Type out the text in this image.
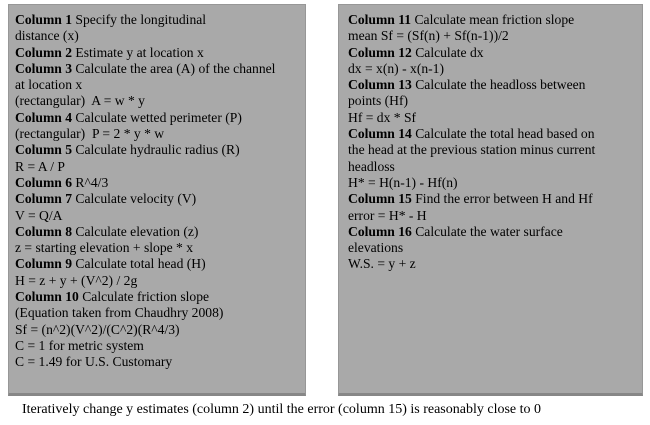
Column 1 Specify the longitudinal
distance (x)
Column 2 Estimate y at location x
Column 3 Calculate the area (A) of the channel
at location x
(rectangular)  A = w * y
Column 4 Calculate wetted perimeter (P)
(rectangular)  P = 2 * y * w
Column 5 Calculate hydraulic radius (R)
R = A / P
Column 6 R^4/3
Column 7 Calculate velocity (V)
V = Q/A
Column 8 Calculate elevation (z)
z = starting elevation + slope * x
Column 9 Calculate total head (H)
H = z + y + (V^2) / 2g
Column 10 Calculate friction slope
(Equation taken from Chaudhry 2008)
Sf = (n^2)(V^2)/(C^2)(R^4/3)
C = 1 for metric system
C = 1.49 for U.S. Customary
Column 11 Calculate mean friction slope
mean Sf = (Sf(n) + Sf(n-1))/2
Column 12 Calculate dx
dx = x(n) - x(n-1)
Column 13 Calculate the headloss between
points (Hf)
Hf = dx * Sf
Column 14 Calculate the total head based on
the head at the previous station minus current
headloss
H* = H(n-1) - Hf(n)
Column 15 Find the error between H and Hf
error = H* - H
Column 16 Calculate the water surface
elevations
W.S. = y + z
Iteratively change y estimates (column 2) until the error (column 15) is reasonably close to 0
